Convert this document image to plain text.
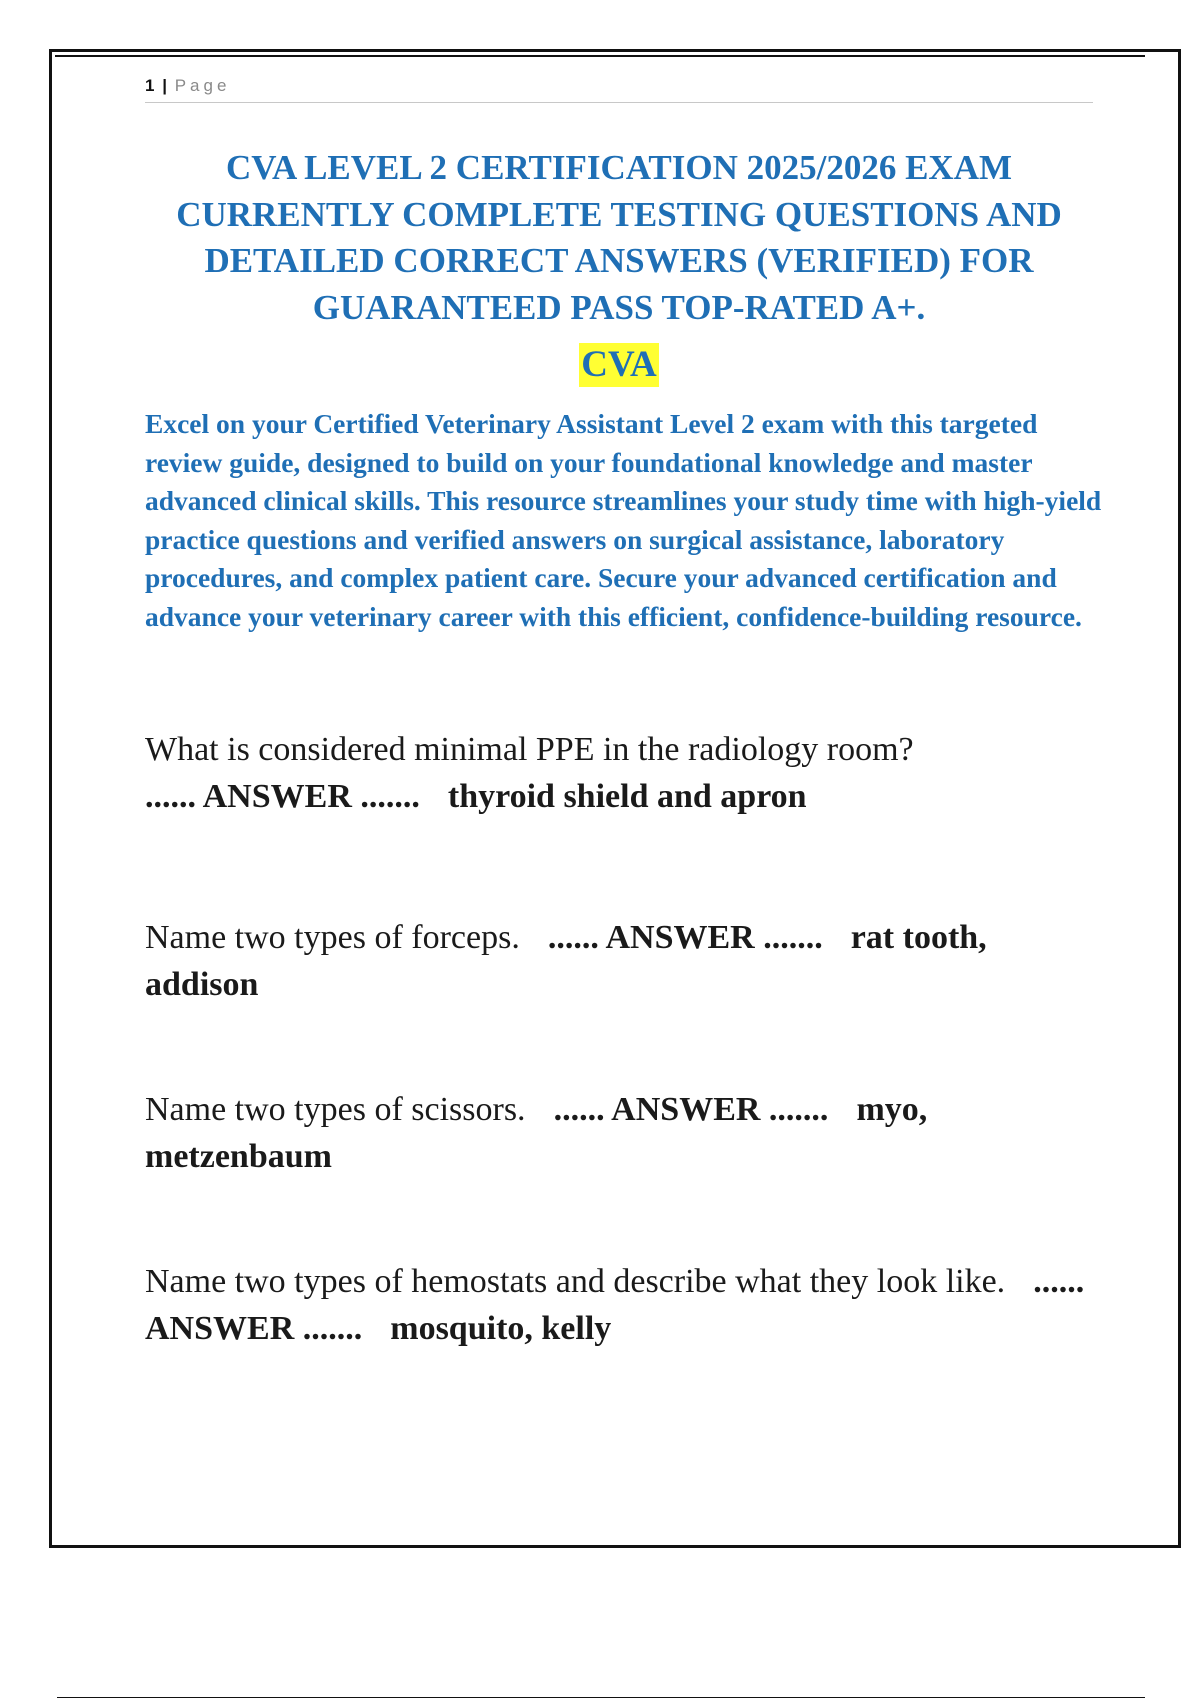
1 | Page
CVA LEVEL 2 CERTIFICATION 2025/2026 EXAM CURRENTLY COMPLETE TESTING QUESTIONS AND DETAILED CORRECT ANSWERS (VERIFIED) FOR GUARANTEED PASS TOP-RATED A+.
CVA

Excel on your Certified Veterinary Assistant Level 2 exam with this targeted review guide, designed to build on your foundational knowledge and master advanced clinical skills. This resource streamlines your study time with high-yield practice questions and verified answers on surgical assistance, laboratory procedures, and complex patient care. Secure your advanced certification and advance your veterinary career with this efficient, confidence-building resource.

What is considered minimal PPE in the radiology room?
...... ANSWER ....... thyroid shield and apron

Name two types of forceps. ...... ANSWER ....... rat tooth, addison

Name two types of scissors. ...... ANSWER ....... myo, metzenbaum

Name two types of hemostats and describe what they look like. ...... ANSWER ....... mosquito, kelly
